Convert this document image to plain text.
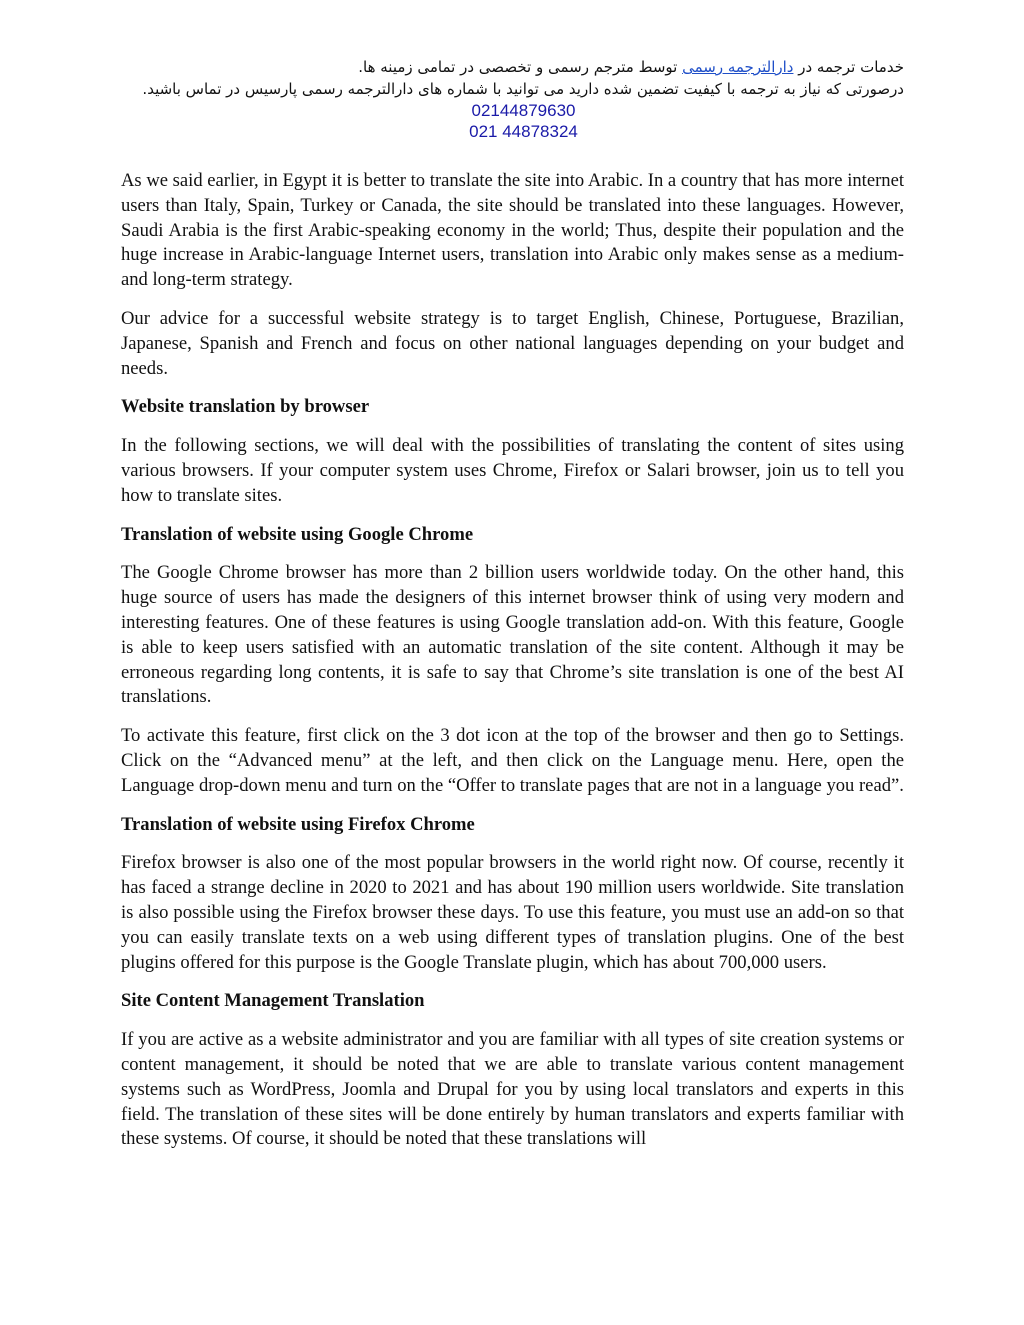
خدمات ترجمه در دارالترجمه رسمی توسط مترجم رسمی و تخصصی در تمامی زمینه ها.
درصورتی که نیاز به ترجمه با کیفیت تضمین شده دارید می توانید با شماره های دارالترجمه رسمی پارسیس در تماس باشید.
02144879630
021 44878324

As we said earlier, in Egypt it is better to translate the site into Arabic. In a country that has more internet users than Italy, Spain, Turkey or Canada, the site should be translated into these languages. However, Saudi Arabia is the first Arabic-speaking economy in the world; Thus, despite their population and the huge increase in Arabic-language Internet users, translation into Arabic only makes sense as a medium- and long-term strategy.

Our advice for a successful website strategy is to target English, Chinese, Portuguese, Brazilian, Japanese, Spanish and French and focus on other national languages depending on your budget and needs.

Website translation by browser

In the following sections, we will deal with the possibilities of translating the content of sites using various browsers. If your computer system uses Chrome, Firefox or Salari browser, join us to tell you how to translate sites.

Translation of website using Google Chrome

The Google Chrome browser has more than 2 billion users worldwide today. On the other hand, this huge source of users has made the designers of this internet browser think of using very modern and interesting features. One of these features is using Google translation add-on. With this feature, Google is able to keep users satisfied with an automatic translation of the site content. Although it may be erroneous regarding long contents, it is safe to say that Chrome’s site translation is one of the best AI translations.

To activate this feature, first click on the 3 dot icon at the top of the browser and then go to Settings. Click on the “Advanced menu” at the left, and then click on the Language menu. Here, open the Language drop-down menu and turn on the “Offer to translate pages that are not in a language you read”.

Translation of website using Firefox Chrome

Firefox browser is also one of the most popular browsers in the world right now. Of course, recently it has faced a strange decline in 2020 to 2021 and has about 190 million users worldwide. Site translation is also possible using the Firefox browser these days. To use this feature, you must use an add-on so that you can easily translate texts on a web using different types of translation plugins. One of the best plugins offered for this purpose is the Google Translate plugin, which has about 700,000 users.

Site Content Management Translation

If you are active as a website administrator and you are familiar with all types of site creation systems or content management, it should be noted that we are able to translate various content management systems such as WordPress, Joomla and Drupal for you by using local translators and experts in this field. The translation of these sites will be done entirely by human translators and experts familiar with these systems. Of course, it should be noted that these translations will
